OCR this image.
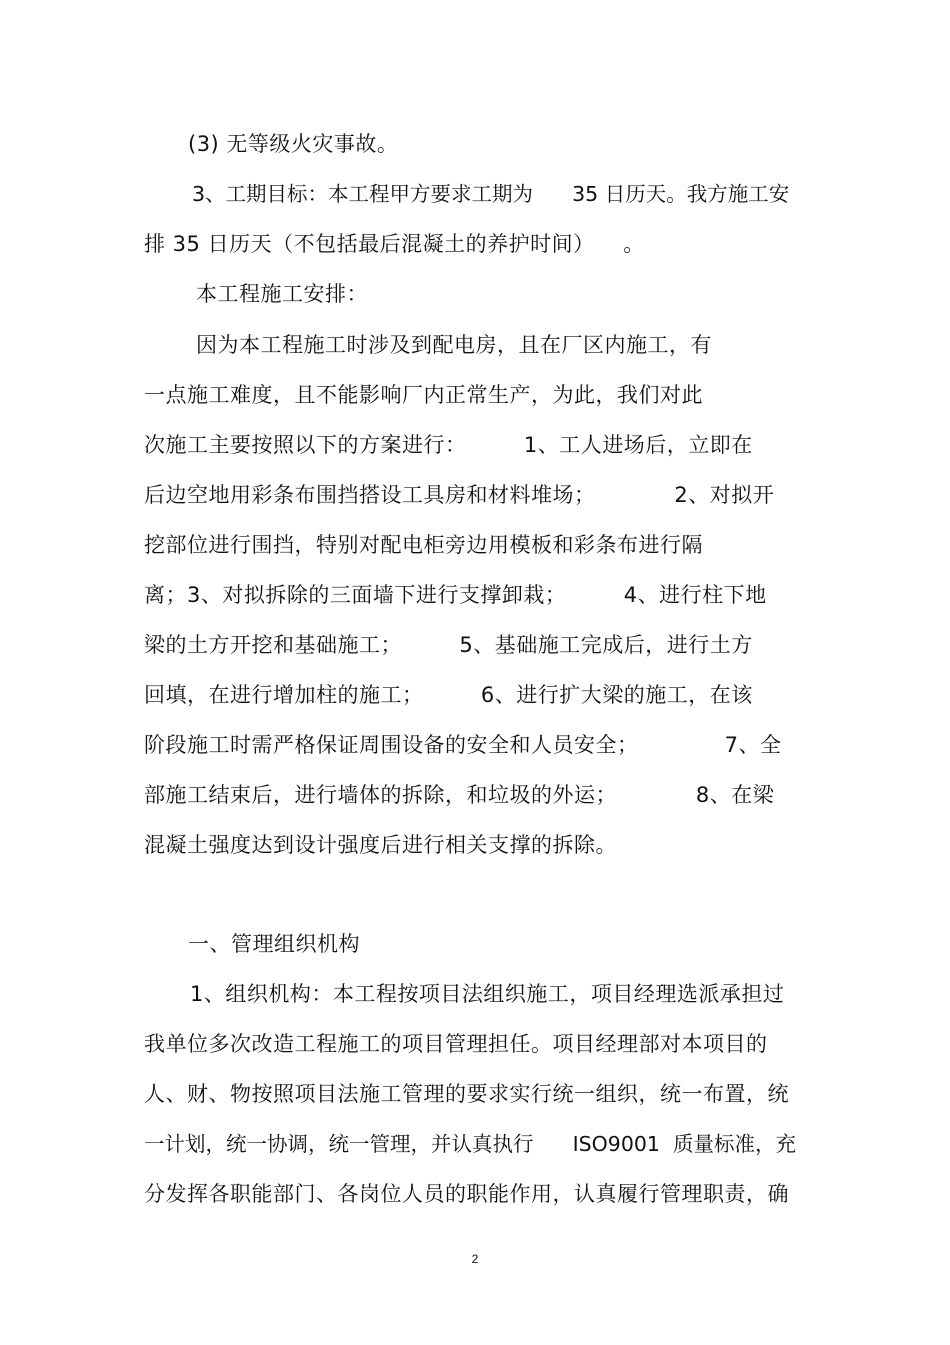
(3) 无等级火灾事故。
3、工期目标：本工程甲方要求工期为      35 日历天。我方施工安
排 35 日历天（不包括最后混凝土的养护时间）    。
本工程施工安排：
因为本工程施工时涉及到配电房，且在厂区内施工，有
一点施工难度，且不能影响厂内正常生产，为此，我们对此
次施工主要按照以下的方案进行：        1、工人进场后，立即在
后边空地用彩条布围挡搭设工具房和材料堆场；           2、对拟开
挖部位进行围挡，特别对配电柜旁边用模板和彩条布进行隔
离；3、对拟拆除的三面墙下进行支撑卸栽；        4、进行柱下地
梁的土方开挖和基础施工；        5、基础施工完成后，进行土方
回填，在进行增加柱的施工；        6、进行扩大梁的施工，在该
阶段施工时需严格保证周围设备的安全和人员安全；            7、全
部施工结束后，进行墙体的拆除，和垃圾的外运；           8、在梁
混凝土强度达到设计强度后进行相关支撑的拆除。
一、管理组织机构
1、组织机构：本工程按项目法组织施工，项目经理选派承担过
我单位多次改造工程施工的项目管理担任。项目经理部对本项目的
人、财、物按照项目法施工管理的要求实行统一组织，统一布置，统
一计划，统一协调，统一管理，并认真执行      ISO9001  质量标准，充
分发挥各职能部门、各岗位人员的职能作用，认真履行管理职责，确
2
